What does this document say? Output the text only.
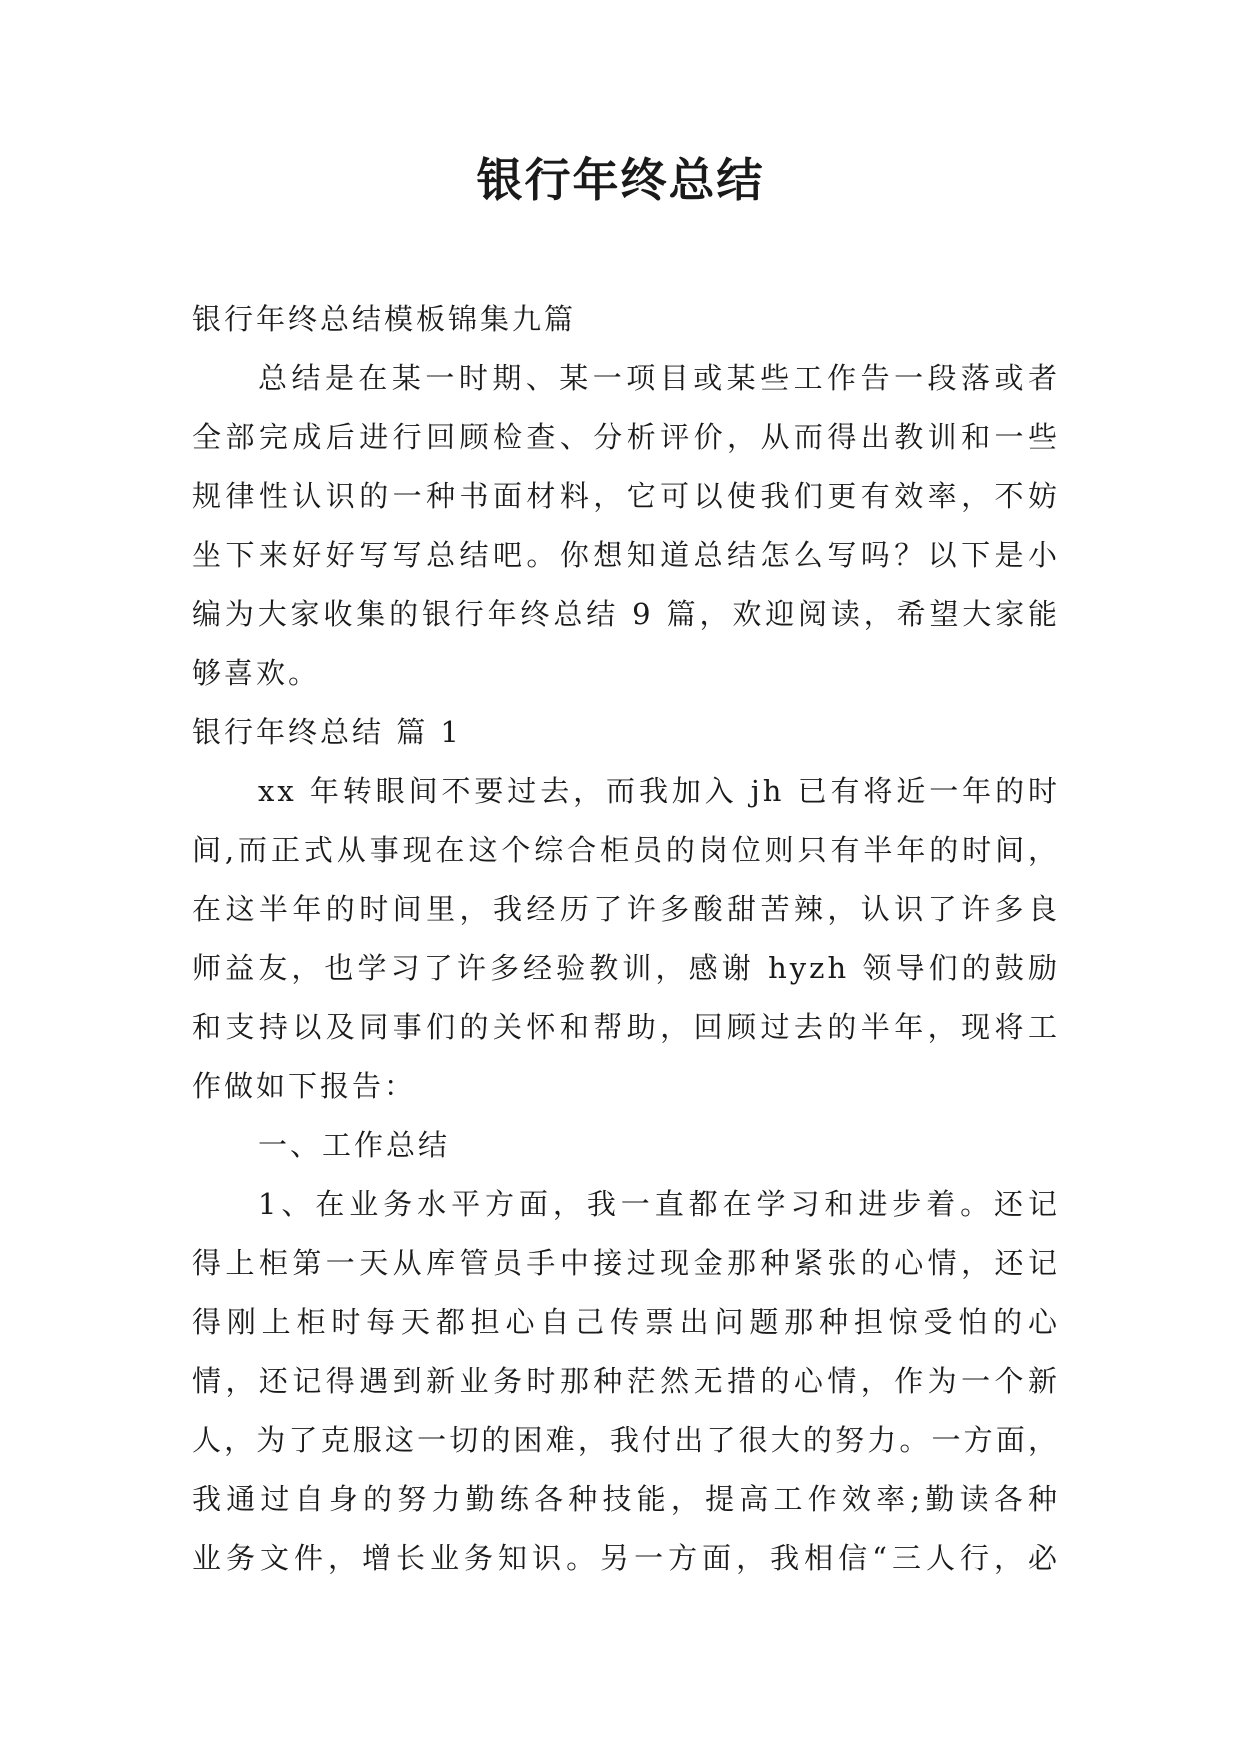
银行年终总结
银行年终总结模板锦集九篇
总结是在某一时期、某一项目或某些工作告一段落或者
全部完成后进行回顾检查、分析评价，从而得出教训和一些
规律性认识的一种书面材料，它可以使我们更有效率，不妨
坐下来好好写写总结吧。你想知道总结怎么写吗？以下是小
编为大家收集的银行年终总结 9 篇，欢迎阅读，希望大家能
够喜欢。
银行年终总结 篇 1
xx 年转眼间不要过去，而我加入 jh 已有将近一年的时
间,而正式从事现在这个综合柜员的岗位则只有半年的时间，
在这半年的时间里，我经历了许多酸甜苦辣，认识了许多良
师益友，也学习了许多经验教训，感谢 hyzh 领导们的鼓励
和支持以及同事们的关怀和帮助，回顾过去的半年，现将工
作做如下报告：
一、工作总结
1、在业务水平方面，我一直都在学习和进步着。还记
得上柜第一天从库管员手中接过现金那种紧张的心情，还记
得刚上柜时每天都担心自己传票出问题那种担惊受怕的心
情，还记得遇到新业务时那种茫然无措的心情，作为一个新
人，为了克服这一切的困难，我付出了很大的努力。一方面，
我通过自身的努力勤练各种技能，提高工作效率;勤读各种
业务文件，增长业务知识。另一方面，我相信“三人行，必
